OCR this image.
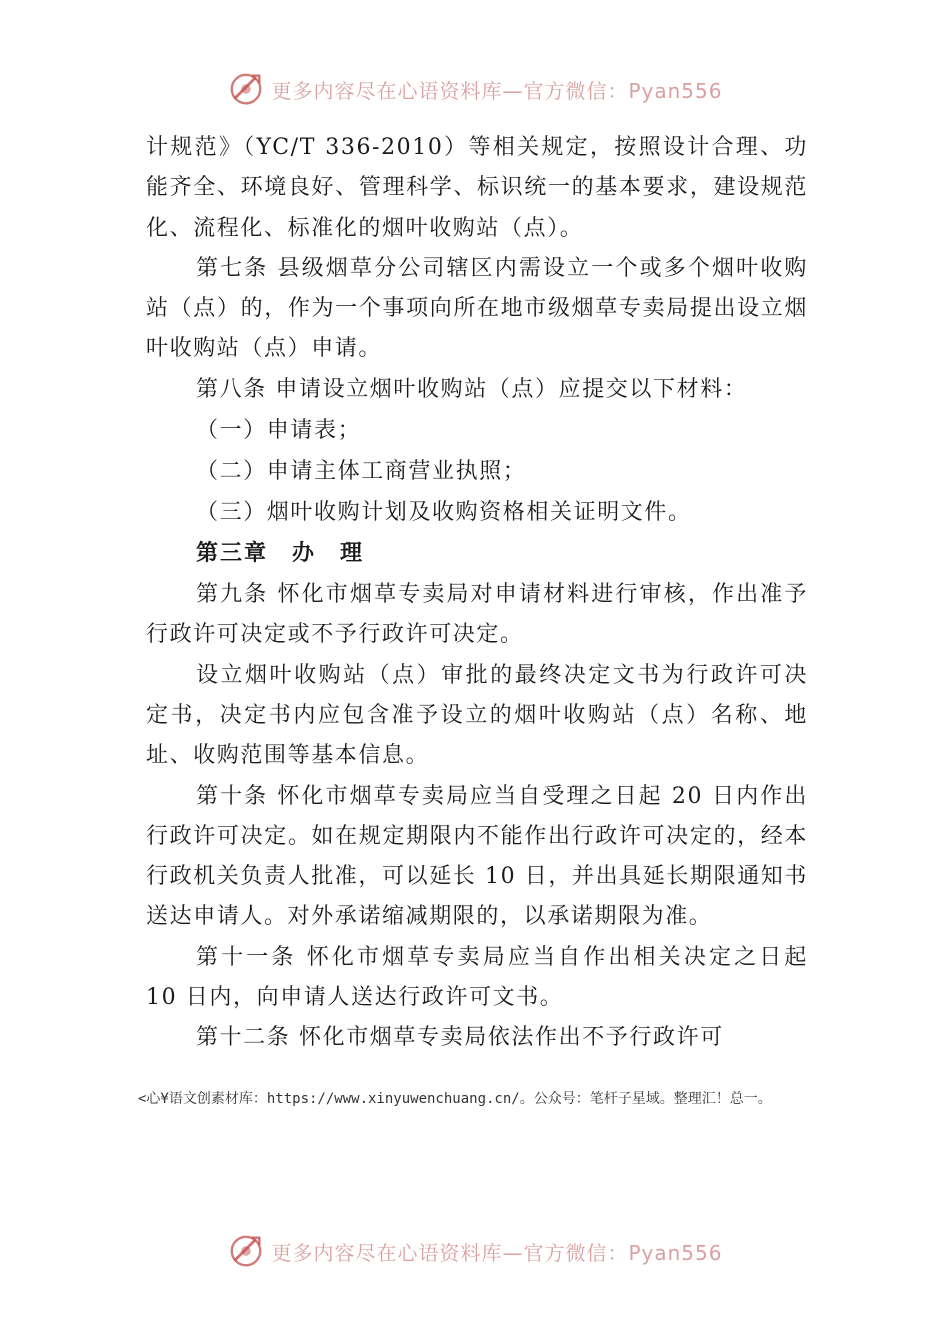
更多内容尽在心语资料库—官方微信：Pyan556

计规范》（YC/T 336-2010）等相关规定，按照设计合理、功能齐全、环境良好、管理科学、标识统一的基本要求，建设规范化、流程化、标准化的烟叶收购站（点）。

第七条 县级烟草分公司辖区内需设立一个或多个烟叶收购站（点）的，作为一个事项向所在地市级烟草专卖局提出设立烟叶收购站（点）申请。

第八条 申请设立烟叶收购站（点）应提交以下材料：

（一）申请表；

（二）申请主体工商营业执照；

（三）烟叶收购计划及收购资格相关证明文件。

第三章　办　理

第九条 怀化市烟草专卖局对申请材料进行审核，作出准予行政许可决定或不予行政许可决定。

设立烟叶收购站（点）审批的最终决定文书为行政许可决定书，决定书内应包含准予设立的烟叶收购站（点）名称、地址、收购范围等基本信息。

第十条 怀化市烟草专卖局应当自受理之日起 20 日内作出行政许可决定。如在规定期限内不能作出行政许可决定的，经本行政机关负责人批准，可以延长 10 日，并出具延长期限通知书送达申请人。对外承诺缩减期限的，以承诺期限为准。

第十一条 怀化市烟草专卖局应当自作出相关决定之日起 10 日内，向申请人送达行政许可文书。

第十二条 怀化市烟草专卖局依法作出不予行政许可

<心¥语文创素材库：https://www.xinyuwenchuang.cn/。公众号：笔杆子星域。整理汇！总一。
更多内容尽在心语资料库—官方微信：Pyan556
